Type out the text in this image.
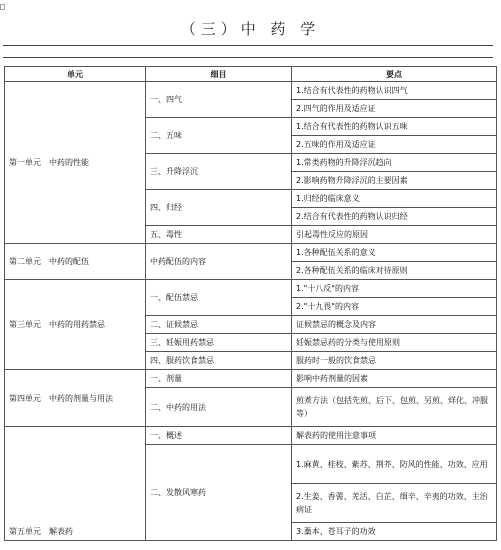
（三）中 药 学
单元	细目	要点
第一单元　中药的性能	一、四气	1.结合有代表性的药物认识四气
		2.四气的作用及适应证
	二、五味	1.结合有代表性的药物认识五味
		2.五味的作用及适应证
	三、升降浮沉	1.常类药物的升降浮沉趋向
		2.影响药物升降浮沉的主要因素
	四、归经	1.归经的临床意义
		2.结合有代表性的药物认识归经
	五、毒性	引起毒性反应的原因
第二单元　中药的配伍	中药配伍的内容	1.各种配伍关系的意义
		2.各种配伍关系的临床对待原则
第三单元　中药的用药禁忌	一、配伍禁忌	1."十八反"的内容
		2."十九畏"的内容
	二、证候禁忌	证候禁忌的概念及内容
	三、妊娠用药禁忌	妊娠禁忌药的分类与使用原则
	四、服药饮食禁忌	服药时一般的饮食禁忌
第四单元　中药的剂量与用法	一、剂量	影响中药剂量的因素
	二、中药的用法	煎煮方法（包括先煎、后下、包煎、另煎、烊化、冲服等）
第五单元　解表药	一、概述	解表药的使用注意事项
	二、发散风寒药	1.麻黄、桂枝、紫苏、荆芥、防风的性能、功效、应用
		2.生姜、香薷、羌活、白芷、细辛、辛夷的功效、主治病证
		3.藁本、苍耳子的功效
